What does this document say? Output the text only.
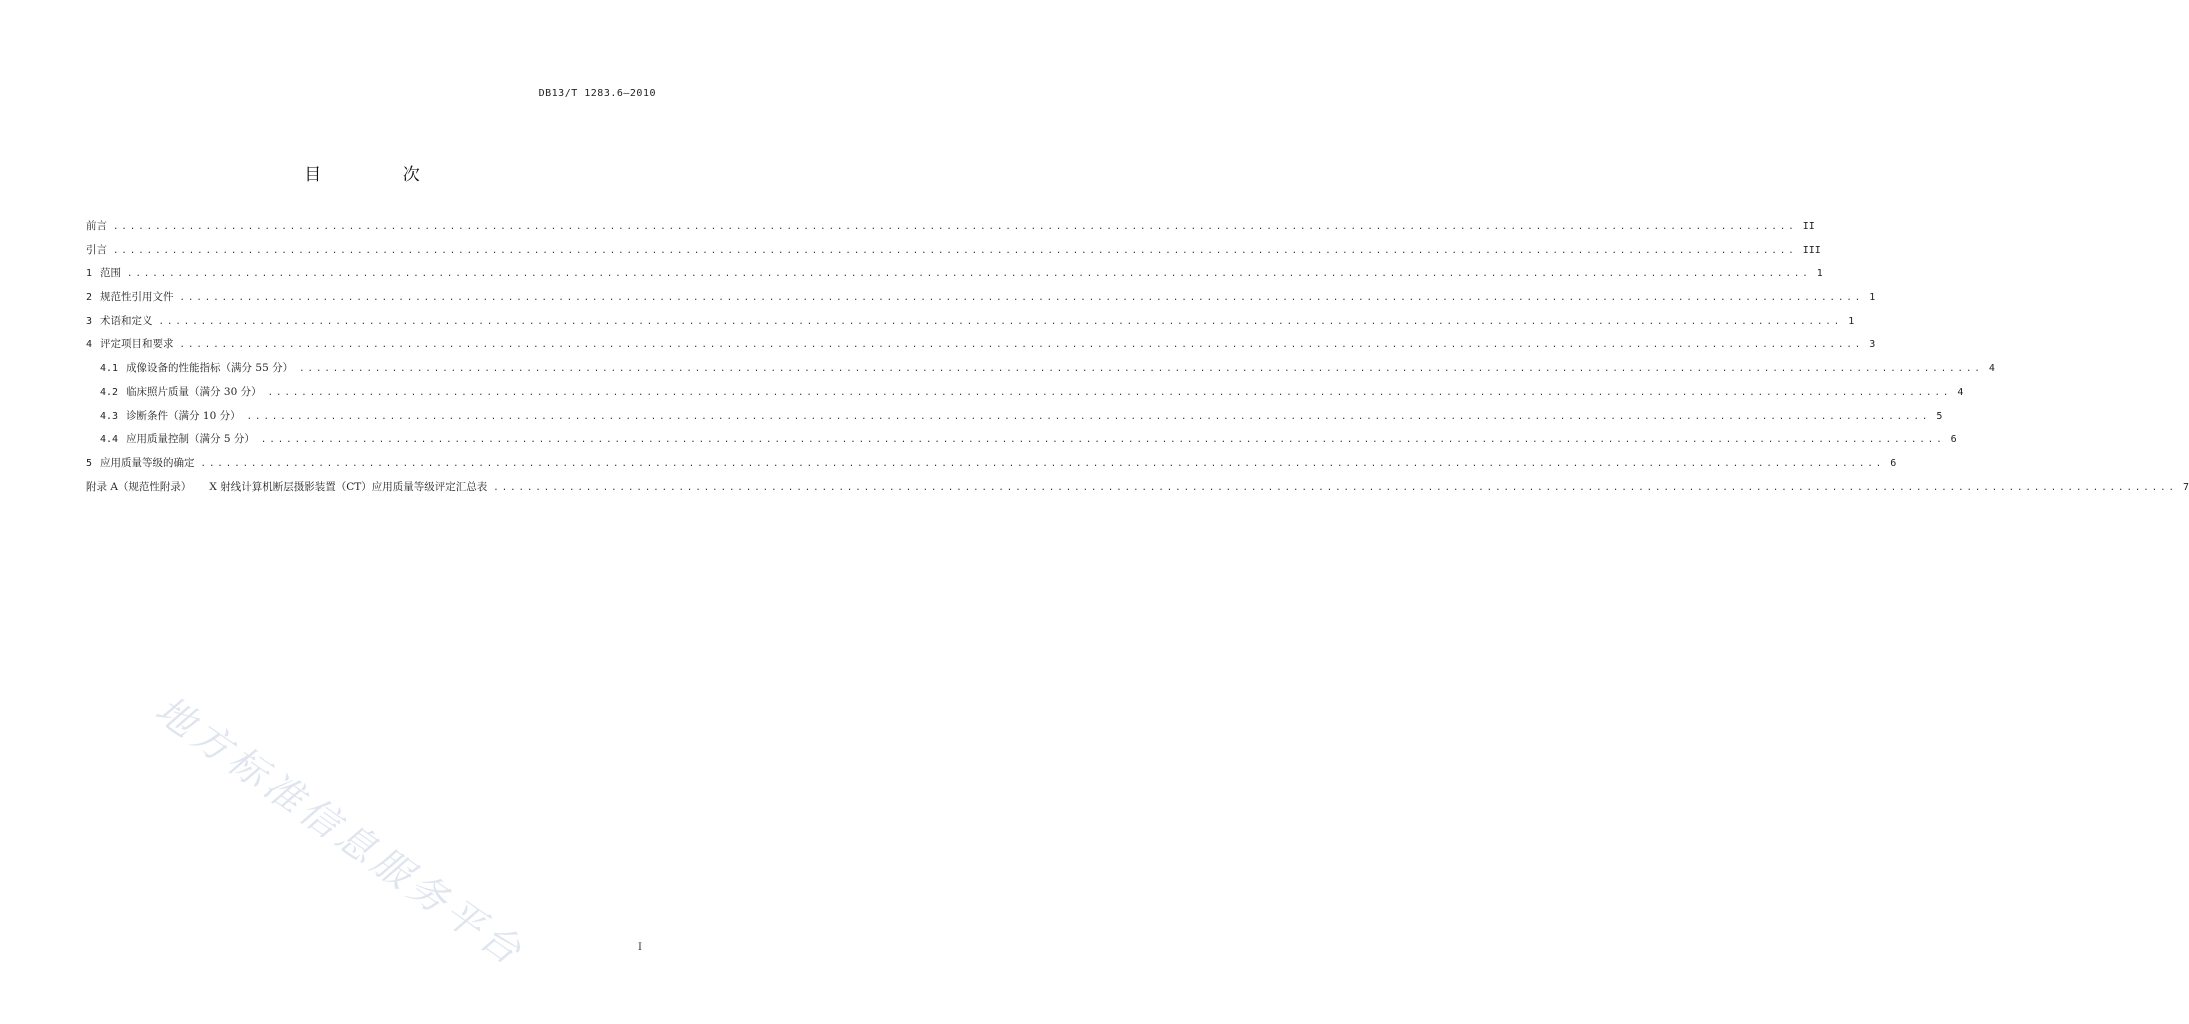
DB13/T 1283.6—2010
目 次
前言 ........................................................................................................................................................................................................ II
引言 ........................................................................................................................................................................................................ III
1 范围 ........................................................................................................................................................................................................ 1
2 规范性引用文件 ........................................................................................................................................................................................................ 1
3 术语和定义 ........................................................................................................................................................................................................ 1
4 评定项目和要求 ........................................................................................................................................................................................................ 3
4.1 成像设备的性能指标（满分 55 分） ........................................................................................................................................................................................................ 4
4.2 临床照片质量（满分 30 分） ........................................................................................................................................................................................................ 4
4.3 诊断条件（满分 10 分） ........................................................................................................................................................................................................ 5
4.4 应用质量控制（满分 5 分） ........................................................................................................................................................................................................ 6
5 应用质量等级的确定 ........................................................................................................................................................................................................ 6
附录 A（规范性附录） X 射线计算机断层摄影装置（CT）应用质量等级评定汇总表 ........................................................................................................................................................................................................ 7
地方标准信息服务平台	I
